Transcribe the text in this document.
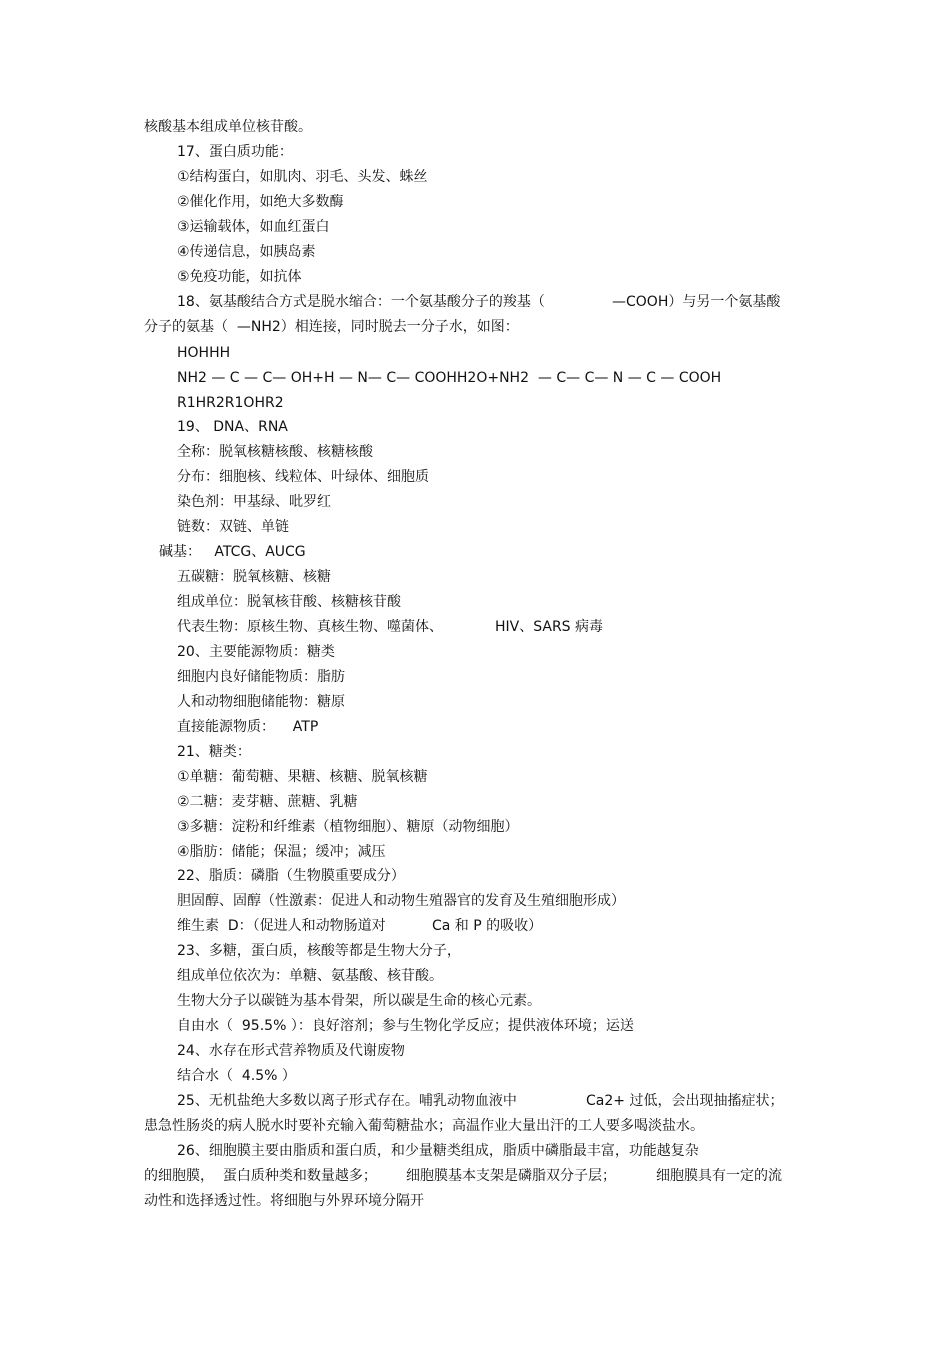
核酸基本组成单位核苷酸。
17、蛋白质功能：
①结构蛋白，如肌肉、羽毛、头发、蛛丝
②催化作用，如绝大多数酶
③运输载体，如血红蛋白
④传递信息，如胰岛素
⑤免疫功能，如抗体
18、氨基酸结合方式是脱水缩合：一个氨基酸分子的羧基（	—COOH）与另一个氨基酸
分子的氨基（  —NH2）相连接，同时脱去一分子水，如图：
HOHHH
NH2 — C — C— OH+H — N— C— COOHH2O+NH2  — C— C— N — C — COOH
R1HR2R1OHR2
19、 DNA、RNA
全称：脱氧核糖核酸、核糖核酸
分布：细胞核、线粒体、叶绿体、细胞质
染色剂：甲基绿、吡罗红
链数：双链、单链
碱基：   ATCG、AUCG
五碳糖：脱氧核糖、核糖
组成单位：脱氧核苷酸、核糖核苷酸
代表生物：原核生物、真核生物、噬菌体、	HIV、SARS 病毒
20、主要能源物质：糖类
细胞内良好储能物质：脂肪
人和动物细胞储能物：糖原
直接能源物质：    ATP
21、糖类：
①单糖：葡萄糖、果糖、核糖、脱氧核糖
②二糖：麦芽糖、蔗糖、乳糖
③多糖：淀粉和纤维素（植物细胞）、糖原（动物细胞）
④脂肪：储能；保温；缓冲；减压
22、脂质：磷脂（生物膜重要成分）
胆固醇、固醇（性激素：促进人和动物生殖器官的发育及生殖细胞形成）
维生素  D：（促进人和动物肠道对	Ca 和 P 的吸收）
23、多糖，蛋白质，核酸等都是生物大分子，
组成单位依次为：单糖、氨基酸、核苷酸。
生物大分子以碳链为基本骨架，所以碳是生命的核心元素。
自由水（  95.5% ）：良好溶剂；参与生物化学反应；提供液体环境；运送
24、水存在形式营养物质及代谢废物
结合水（  4.5% ）
25、无机盐绝大多数以离子形式存在。哺乳动物血液中	Ca2+ 过低，会出现抽搐症状；
患急性肠炎的病人脱水时要补充输入葡萄糖盐水；高温作业大量出汗的工人要多喝淡盐水。
26、细胞膜主要由脂质和蛋白质，和少量糖类组成，脂质中磷脂最丰富，功能越复杂
的细胞膜，  蛋白质种类和数量越多； 细胞膜基本支架是磷脂双分子层；	细胞膜具有一定的流
动性和选择透过性。将细胞与外界环境分隔开
